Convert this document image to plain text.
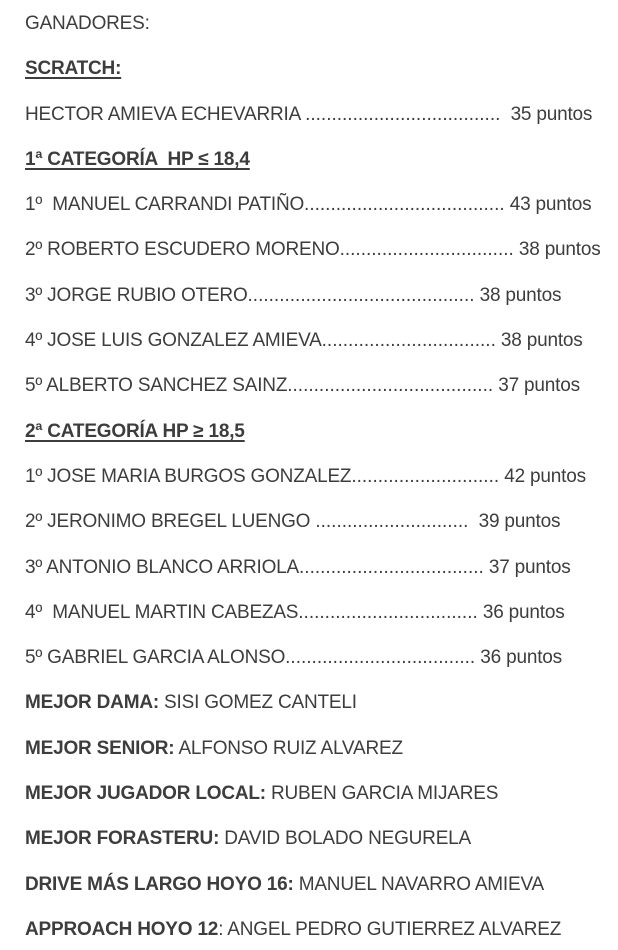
GANADORES:

SCRATCH:

HECTOR AMIEVA ECHEVARRIA .....................................  35 puntos

1ª CATEGORÍA  HP ≤ 18,4

1º  MANUEL CARRANDI PATIÑO...................................... 43 puntos

2º ROBERTO ESCUDERO MORENO................................. 38 puntos

3º JORGE RUBIO OTERO........................................... 38 puntos

4º JOSE LUIS GONZALEZ AMIEVA................................. 38 puntos

5º ALBERTO SANCHEZ SAINZ....................................... 37 puntos

2ª CATEGORÍA HP ≥ 18,5

1º JOSE MARIA BURGOS GONZALEZ............................ 42 puntos

2º JERONIMO BREGEL LUENGO .............................  39 puntos

3º ANTONIO BLANCO ARRIOLA................................... 37 puntos

4º  MANUEL MARTIN CABEZAS.................................. 36 puntos

5º GABRIEL GARCIA ALONSO.................................... 36 puntos

MEJOR DAMA: SISI GOMEZ CANTELI

MEJOR SENIOR: ALFONSO RUIZ ALVAREZ

MEJOR JUGADOR LOCAL: RUBEN GARCIA MIJARES

MEJOR FORASTERU: DAVID BOLADO NEGURELA

DRIVE MÁS LARGO HOYO 16: MANUEL NAVARRO AMIEVA

APPROACH HOYO 12: ANGEL PEDRO GUTIERREZ ALVAREZ
